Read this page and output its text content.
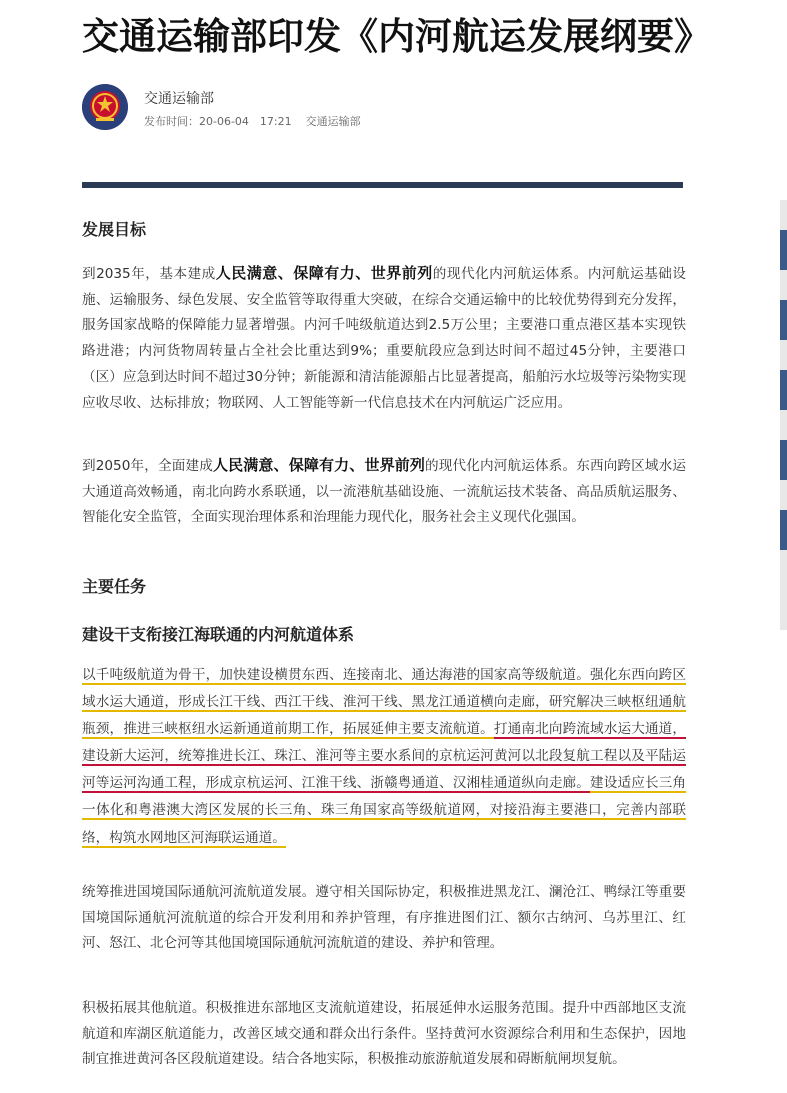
交通运输部印发《内河航运发展纲要》
交通运输部
发布时间：20-06-04　17:21 交通运输部
发展目标

到2035年，基本建成人民满意、保障有力、世界前列的现代化内河航运体系。内河航运基础设施、运输服务、绿色发展、安全监管等取得重大突破，在综合交通运输中的比较优势得到充分发挥，服务国家战略的保障能力显著增强。内河千吨级航道达到2.5万公里；主要港口重点港区基本实现铁路进港；内河货物周转量占全社会比重达到9%；重要航段应急到达时间不超过45分钟，主要港口（区）应急到达时间不超过30分钟；新能源和清洁能源船占比显著提高，船舶污水垃圾等污染物实现应收尽收、达标排放；物联网、人工智能等新一代信息技术在内河航运广泛应用。

到2050年，全面建成人民满意、保障有力、世界前列的现代化内河航运体系。东西向跨区域水运大通道高效畅通，南北向跨水系联通，以一流港航基础设施、一流航运技术装备、高品质航运服务、智能化安全监管，全面实现治理体系和治理能力现代化，服务社会主义现代化强国。

主要任务
建设干支衔接江海联通的内河航道体系

以千吨级航道为骨干，加快建设横贯东西、连接南北、通达海港的国家高等级航道。强化东西向跨区域水运大通道，形成长江干线、西江干线、淮河干线、黑龙江通道横向走廊，研究解决三峡枢纽通航瓶颈，推进三峡枢纽水运新通道前期工作，拓展延伸主要支流航道。打通南北向跨流域水运大通道，建设新大运河，统筹推进长江、珠江、淮河等主要水系间的京杭运河黄河以北段复航工程以及平陆运河等运河沟通工程，形成京杭运河、江淮干线、浙赣粤通道、汉湘桂通道纵向走廊。建设适应长三角一体化和粤港澳大湾区发展的长三角、珠三角国家高等级航道网，对接沿海主要港口，完善内部联络，构筑水网地区河海联运通道。

统筹推进国境国际通航河流航道发展。遵守相关国际协定，积极推进黑龙江、澜沧江、鸭绿江等重要国境国际通航河流航道的综合开发利用和养护管理，有序推进图们江、额尔古纳河、乌苏里江、红河、怒江、北仑河等其他国境国际通航河流航道的建设、养护和管理。

积极拓展其他航道。积极推进东部地区支流航道建设，拓展延伸水运服务范围。提升中西部地区支流航道和库湖区航道能力，改善区域交通和群众出行条件。坚持黄河水资源综合利用和生态保护，因地制宜推进黄河各区段航道建设。结合各地实际，积极推动旅游航道发展和碍断航闸坝复航。
